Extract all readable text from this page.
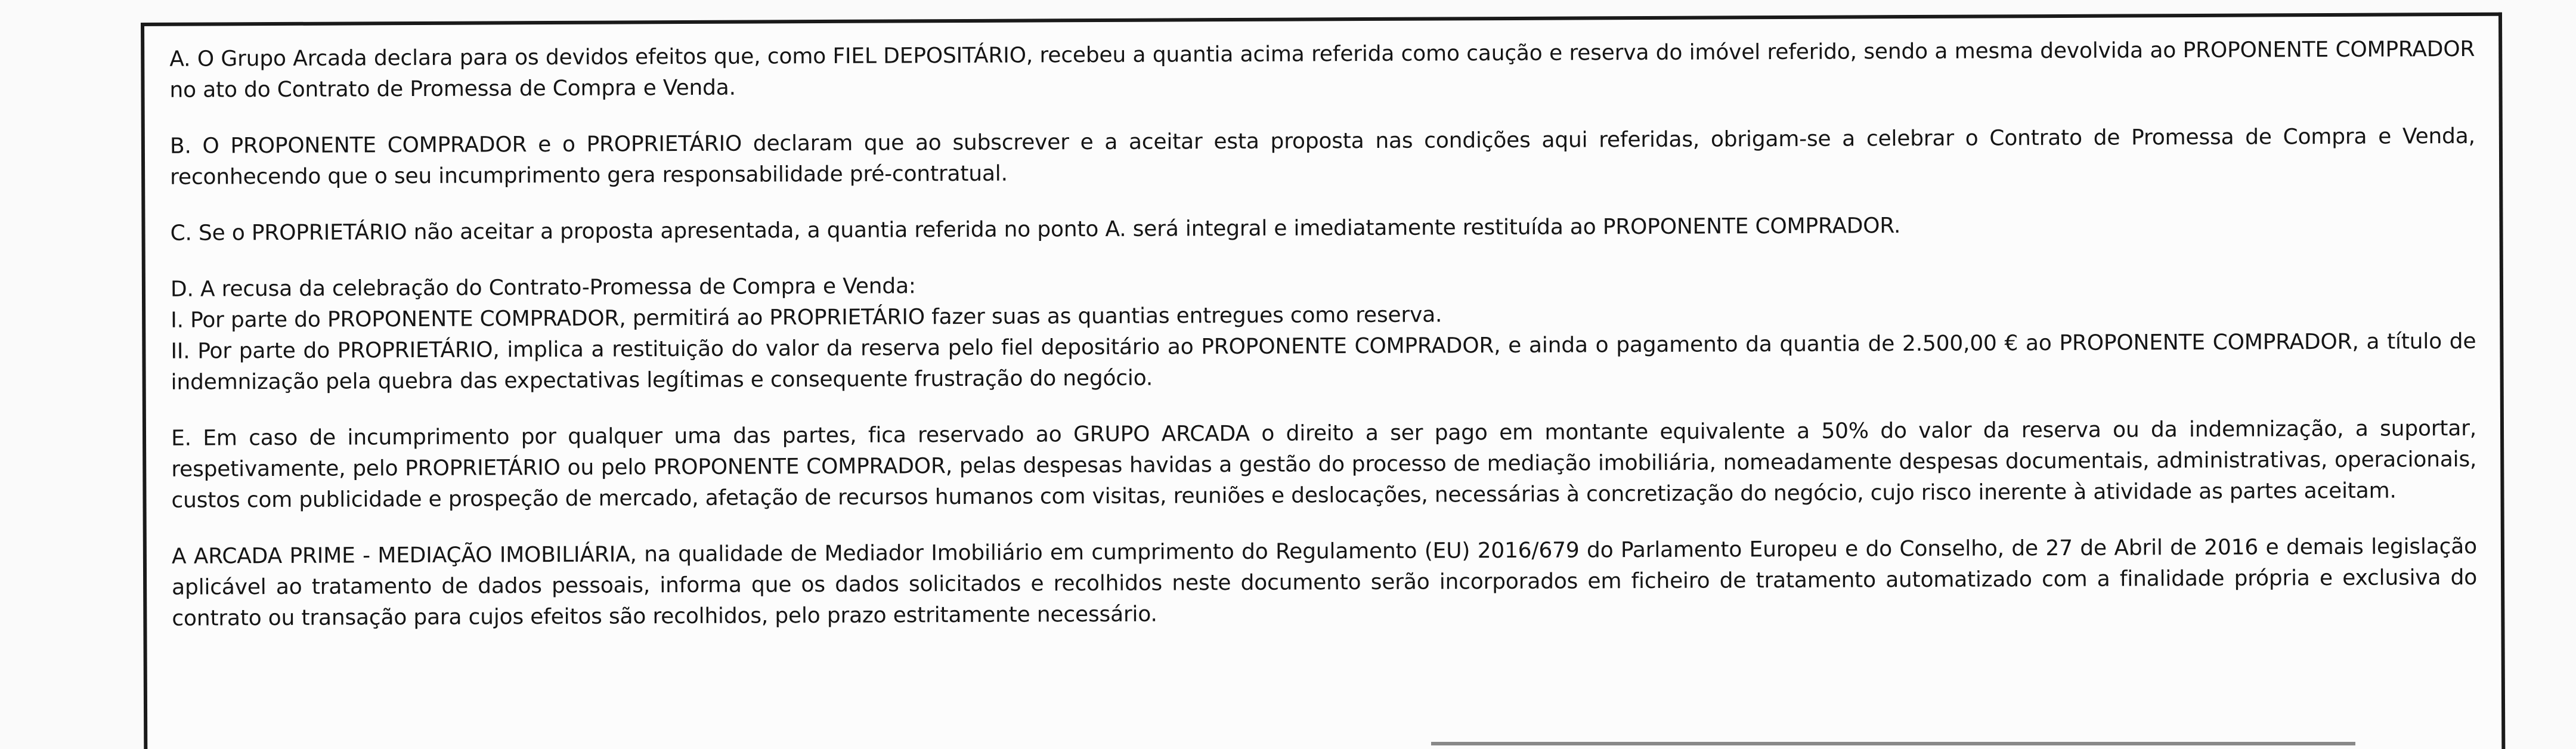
A. O Grupo Arcada declara para os devidos efeitos que, como FIEL DEPOSITÁRIO, recebeu a quantia acima referida como caução e reserva do imóvel referido, sendo a mesma devolvida ao PROPONENTE COMPRADOR no ato do Contrato de Promessa de Compra e Venda.

B. O PROPONENTE COMPRADOR e o PROPRIETÁRIO declaram que ao subscrever e a aceitar esta proposta nas condições aqui referidas, obrigam-se a celebrar o Contrato de Promessa de Compra e Venda, reconhecendo que o seu incumprimento gera responsabilidade pré-contratual.

C. Se o PROPRIETÁRIO não aceitar a proposta apresentada, a quantia referida no ponto A. será integral e imediatamente restituída ao PROPONENTE COMPRADOR.

D. A recusa da celebração do Contrato-Promessa de Compra e Venda:

I. Por parte do PROPONENTE COMPRADOR, permitirá ao PROPRIETÁRIO fazer suas as quantias entregues como reserva.

II. Por parte do PROPRIETÁRIO, implica a restituição do valor da reserva pelo fiel depositário ao PROPONENTE COMPRADOR, e ainda o pagamento da quantia de 2.500,00 € ao PROPONENTE COMPRADOR, a título de indemnização pela quebra das expectativas legítimas e consequente frustração do negócio.

E. Em caso de incumprimento por qualquer uma das partes, fica reservado ao GRUPO ARCADA o direito a ser pago em montante equivalente a 50% do valor da reserva ou da indemnização, a suportar, respetivamente, pelo PROPRIETÁRIO ou pelo PROPONENTE COMPRADOR, pelas despesas havidas a gestão do processo de mediação imobiliária, nomeadamente despesas documentais, administrativas, operacionais, custos com publicidade e prospeção de mercado, afetação de recursos humanos com visitas, reuniões e deslocações, necessárias à concretização do negócio, cujo risco inerente à atividade as partes aceitam.

A ARCADA PRIME - MEDIAÇÃO IMOBILIÁRIA, na qualidade de Mediador Imobiliário em cumprimento do Regulamento (EU) 2016/679 do Parlamento Europeu e do Conselho, de 27 de Abril de 2016 e demais legislação aplicável ao tratamento de dados pessoais, informa que os dados solicitados e recolhidos neste documento serão incorporados em ficheiro de tratamento automatizado com a finalidade própria e exclusiva do contrato ou transação para cujos efeitos são recolhidos, pelo prazo estritamente necessário.
